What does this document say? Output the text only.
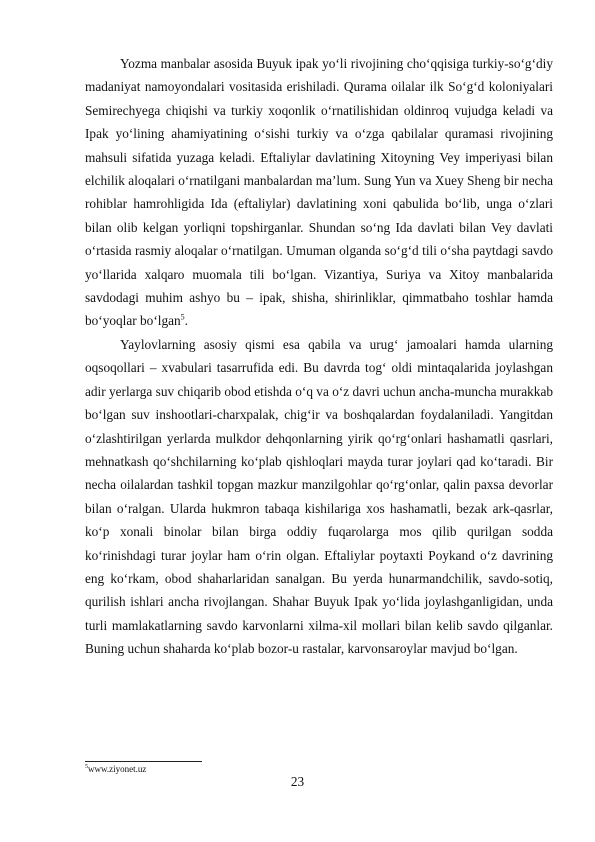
Yozma manbalar asosida Buyuk ipak yo‘li rivojining cho‘qqisiga turkiy-so‘g‘diy madaniyat namoyondalari vositasida erishiladi. Qurama oilalar ilk So‘g‘d koloniyalari Semirechyega chiqishi va turkiy xoqonlik o‘rnatilishidan oldinroq vujudga keladi va Ipak yo‘lining ahamiyatining o‘sishi turkiy va o‘zga qabilalar quramasi rivojining mahsuli sifatida yuzaga keladi. Eftaliylar davlatining Xitoyning Vey imperiyasi bilan elchilik aloqalari o‘rnatilgani manbalardan ma’lum. Sung Yun va Xuey Sheng bir necha rohiblar hamrohligida Ida (eftaliylar) davlatining xoni qabulida bo‘lib, unga o‘zlari bilan olib kelgan yorliqni topshirganlar. Shundan so‘ng Ida davlati bilan Vey davlati o‘rtasida rasmiy aloqalar o‘rnatilgan. Umuman olganda so‘g‘d tili o‘sha paytdagi savdo yo‘llarida xalqaro muomala tili bo‘lgan. Vizantiya, Suriya va Xitoy manbalarida savdodagi muhim ashyo bu – ipak, shisha, shirinliklar, qimmatbaho toshlar hamda bo‘yoqlar bo‘lgan$^5$.

Yaylovlarning asosiy qismi esa qabila va urug‘ jamoalari hamda ularning oqsoqollari – xvabulari tasarrufida edi. Bu davrda tog‘ oldi mintaqalarida joylashgan adir yerlarga suv chiqarib obod etishda o‘q va o‘z davri uchun ancha-muncha murakkab bo‘lgan suv inshootlari-charxpalak, chig‘ir va boshqalardan foydalaniladi. Yangitdan o‘zlashtirilgan yerlarda mulkdor dehqonlarning yirik qo‘rg‘onlari hashamatli qasrlari, mehnatkash qo‘shchilarning ko‘plab qishloqlari mayda turar joylari qad ko‘taradi. Bir necha oilalardan tashkil topgan mazkur manzilgohlar qo‘rg‘onlar, qalin paxsa devorlar bilan o‘ralgan. Ularda hukmron tabaqa kishilariga xos hashamatli, bezak ark-qasrlar, ko‘p xonali binolar bilan birga oddiy fuqarolarga mos qilib qurilgan sodda ko‘rinishdagi turar joylar ham o‘rin olgan. Eftaliylar poytaxti Poykand o‘z davrining eng ko‘rkam, obod shaharlaridan sanalgan. Bu yerda hunarmandchilik, savdo-sotiq, qurilish ishlari ancha rivojlangan. Shahar Buyuk Ipak yo‘lida joylashganligidan, unda turli mamlakatlarning savdo karvonlarni xilma-xil mollari bilan kelib savdo qilganlar. Buning uchun shaharda ko‘plab bozor-u rastalar, karvonsaroylar mavjud bo‘lgan.

$^5$www.ziyonet.uz
23
